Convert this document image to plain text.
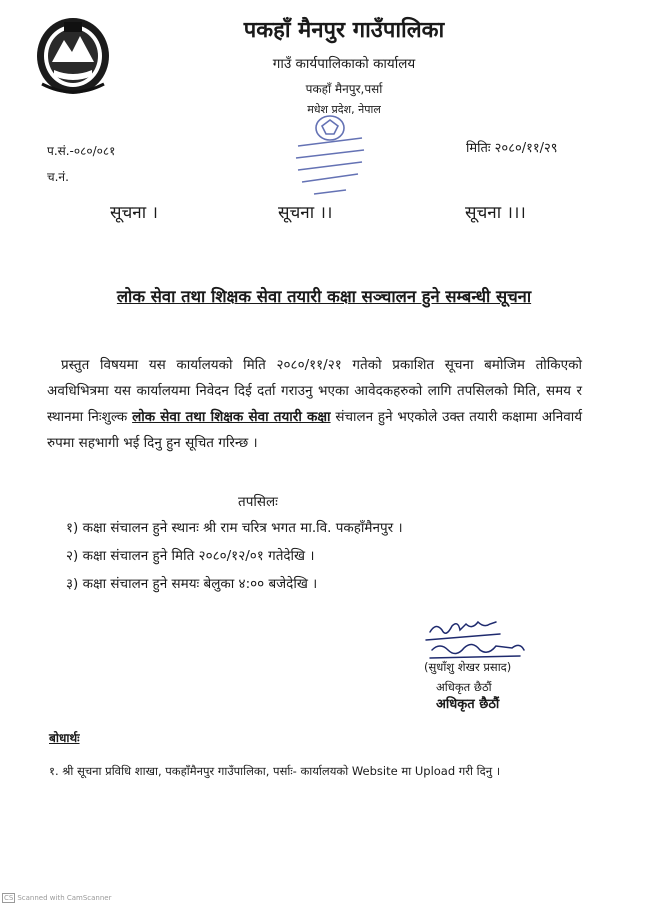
पकहाँ मैनपुर गाउँपालिका
गाउँ कार्यपालिकाको कार्यालय
पकहाँ मैनपुर,पर्सा
मधेश प्रदेश, नेपाल
प.सं.-०८०/०८१
च.नं.
मितिः २०८०/११/२९
सूचना ।	सूचना ।।	सूचना ।।।
लोक सेवा तथा शिक्षक सेवा तयारी कक्षा सञ्चालन हुने सम्बन्धी सूचना
प्रस्तुत विषयमा यस कार्यालयको मिति २०८०/११/२१ गतेको प्रकाशित सूचना बमोजिम तोकिएको अवधिभित्रमा यस कार्यालयमा निवेदन दिई दर्ता गराउनु भएका आवेदकहरुको लागि तपसिलको मिति, समय र स्थानमा निःशुल्क लोक सेवा तथा शिक्षक सेवा तयारी कक्षा संचालन हुने भएकोले उक्त तयारी कक्षामा अनिवार्य रुपमा सहभागी भई दिनु हुन सूचित गरिन्छ ।
तपसिलः
१) कक्षा संचालन हुने स्थानः श्री राम चरित्र भगत मा.वि. पकहाँमैनपुर ।
२) कक्षा संचालन हुने मिति २०८०/१२/०१ गतेदेखि ।
३) कक्षा संचालन हुने समयः बेलुका ४:०० बजेदेखि ।
(सुधाँशु शेखर प्रसाद)
अधिकृत छैठौं
अधिकृत छैठौं
बोधार्थः
१. श्री सूचना प्रविधि शाखा, पकहाँमैनपुर गाउँपालिका, पर्साः- कार्यालयको Website मा Upload गरी दिनु ।
CS Scanned with CamScanner
